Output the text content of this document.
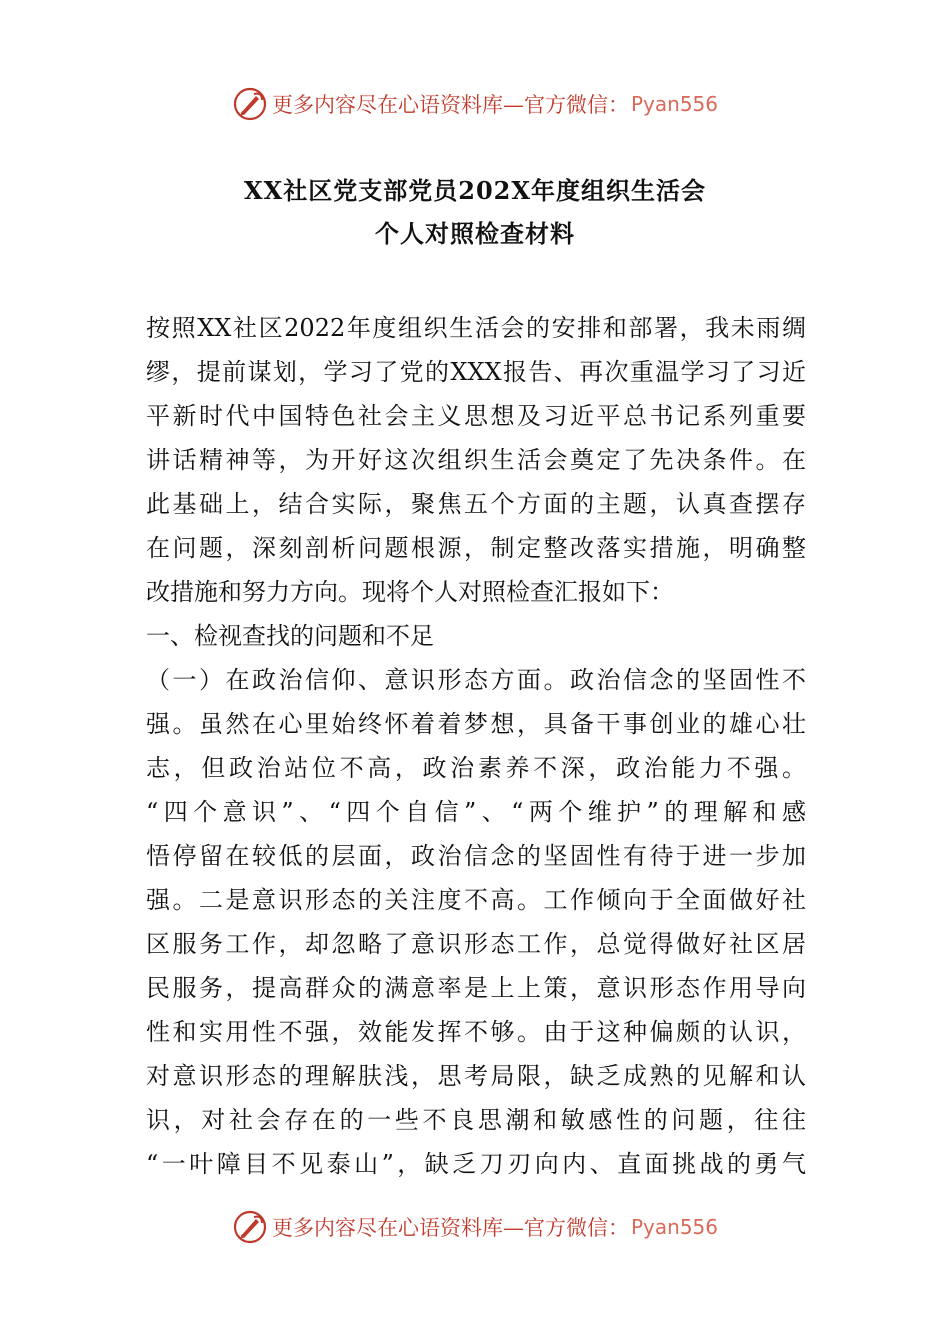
更多内容尽在心语资料库 —官方微信： Pyan556
XX社区党支部党员202X年度组织生活会
个人对照检查材料
按照XX社区2022年度组织生活会的安排和部署，我未雨绸
缪，提前谋划，学习了党的XXX报告、再次重温学习了习近
平新时代中国特色社会主义思想及习近平总书记系列重要
讲话精神等，为开好这次组织生活会奠定了先决条件。在
此基础上，结合实际，聚焦五个方面的主题，认真查摆存
在问题，深刻剖析问题根源，制定整改落实措施，明确整
改措施和努力方向。现将个人对照检查汇报如下：
一、检视查找的问题和不足
（一）在政治信仰、意识形态方面。政治信念的坚固性不
强。虽然在心里始终怀着着梦想，具备干事创业的雄心壮
志，但政治站位不高，政治素养不深，政治能力不强。
“四个意识”、“四个自信”、“两个维护”的理解和感
悟停留在较低的层面，政治信念的坚固性有待于进一步加
强。二是意识形态的关注度不高。工作倾向于全面做好社
区服务工作，却忽略了意识形态工作，总觉得做好社区居
民服务，提高群众的满意率是上上策，意识形态作用导向
性和实用性不强，效能发挥不够。由于这种偏颇的认识，
对意识形态的理解肤浅，思考局限，缺乏成熟的见解和认
识，对社会存在的一些不良思潮和敏感性的问题，往往
“一叶障目不见泰山”，缺乏刀刃向内、直面挑战的勇气
更多内容尽在心语资料库 —官方微信： Pyan556
